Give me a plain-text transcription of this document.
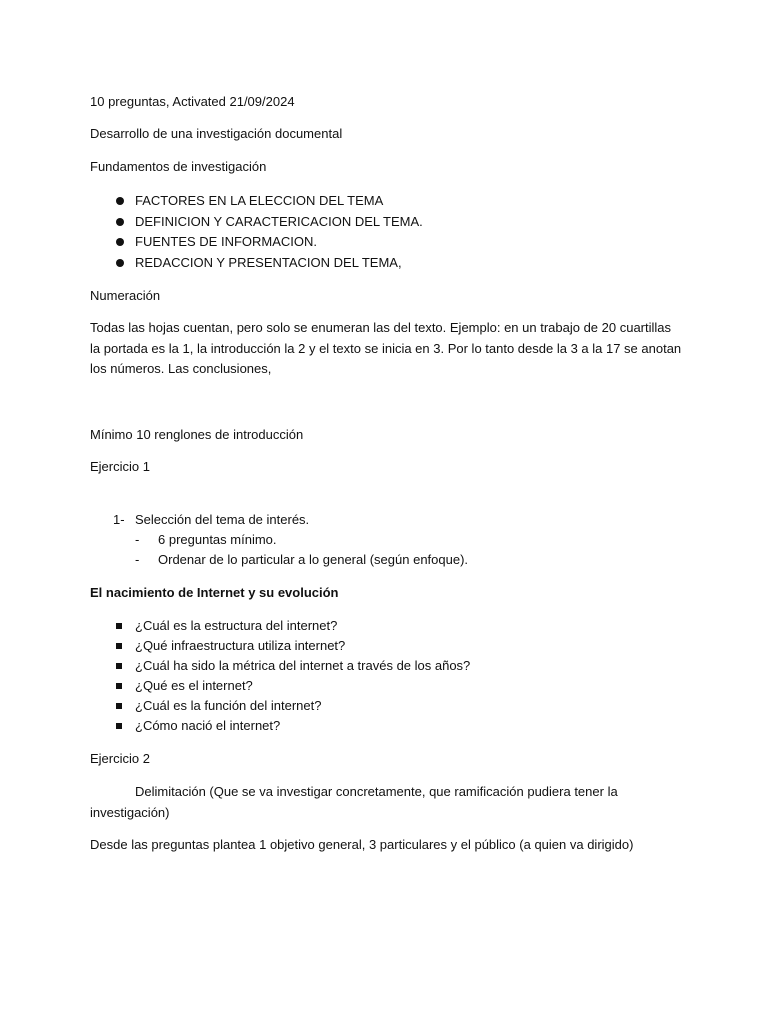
10 preguntas, Activated 21/09/2024
Desarrollo de una investigación documental
Fundamentos de investigación
FACTORES EN LA ELECCION DEL TEMA
DEFINICION Y CARACTERICACION DEL TEMA.
FUENTES DE INFORMACION.
REDACCION Y PRESENTACION DEL TEMA,
Numeración
Todas las hojas cuentan, pero solo se enumeran las del texto. Ejemplo: en un trabajo de 20 cuartillas la portada es la 1, la introducción la 2 y el texto se inicia en 3. Por lo tanto desde la 3 a la 17 se anotan los números. Las conclusiones,
Mínimo 10 renglones de introducción
Ejercicio 1
1- Selección del tema de interés.
- 6 preguntas mínimo.
- Ordenar de lo particular a lo general (según enfoque).
El nacimiento de Internet y su evolución
¿Cuál es la estructura del internet?
¿Qué infraestructura utiliza internet?
¿Cuál ha sido la métrica del internet a través de los años?
¿Qué es el internet?
¿Cuál es la función del internet?
¿Cómo nació el internet?
Ejercicio 2
Delimitación (Que se va investigar concretamente, que ramificación pudiera tener la investigación)
Desde las preguntas plantea 1 objetivo general, 3 particulares y el público (a quien va dirigido)
